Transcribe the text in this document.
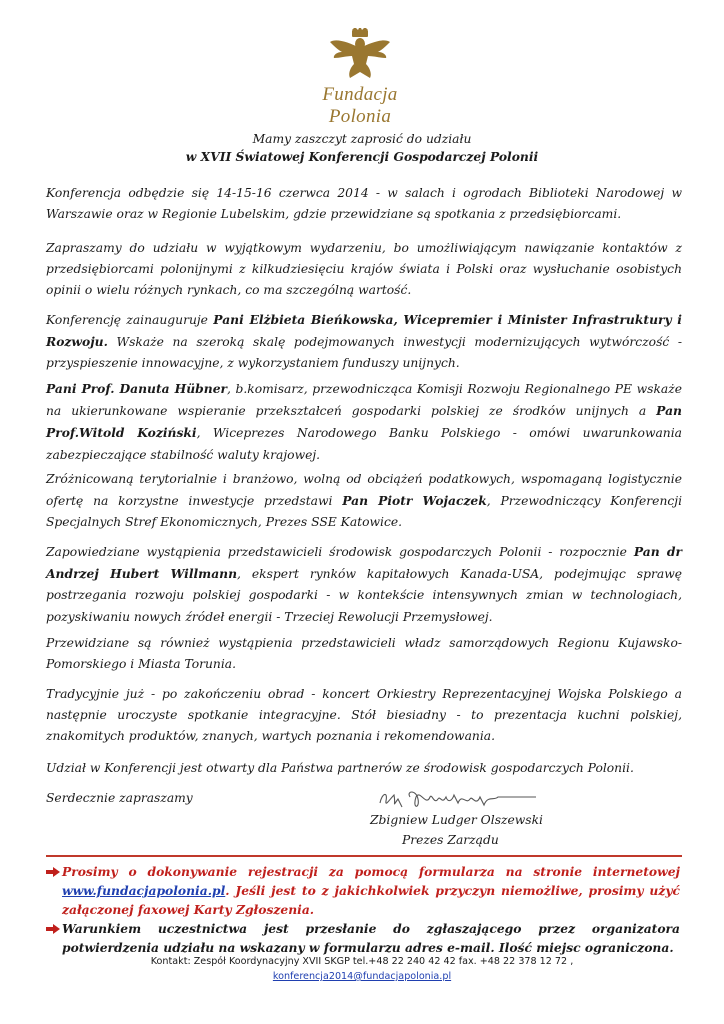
Fundacja Polonia
Mamy zaszczyt zaprosić do udziału
w XVII Światowej Konferencji Gospodarczej Polonii
Konferencja odbędzie się 14-15-16 czerwca 2014 - w salach i ogrodach Biblioteki Narodowej w Warszawie oraz w Regionie Lubelskim, gdzie przewidziane są spotkania z przedsiębiorcami.
Zapraszamy do udziału w wyjątkowym wydarzeniu, bo umożliwiającym nawiązanie kontaktów z przedsiębiorcami polonijnymi z kilkudziesięciu krajów świata i Polski oraz wysłuchanie osobistych opinii o wielu różnych rynkach, co ma szczególną wartość.
Konferencję zainauguruje Pani Elżbieta Bieńkowska, Wicepremier i Minister Infrastruktury i Rozwoju. Wskaże na szeroką skalę podejmowanych inwestycji modernizujących wytwórczość - przyspieszenie innowacyjne, z wykorzystaniem funduszy unijnych.
Pani Prof. Danuta Hübner, b.komisarz, przewodnicząca Komisji Rozwoju Regionalnego PE wskaże na ukierunkowane wspieranie przekształceń gospodarki polskiej ze środków unijnych a Pan Prof.Witold Koziński, Wiceprezes Narodowego Banku Polskiego - omówi uwarunkowania zabezpieczające stabilność waluty krajowej.
Zróżnicowaną terytorialnie i branżowo, wolną od obciążeń podatkowych, wspomaganą logistycznie ofertę na korzystne inwestycje przedstawi Pan Piotr Wojaczek, Przewodniczący Konferencji Specjalnych Stref Ekonomicznych, Prezes SSE Katowice.
Zapowiedziane wystąpienia przedstawicieli środowisk gospodarczych Polonii - rozpocznie Pan dr Andrzej Hubert Willmann, ekspert rynków kapitałowych Kanada-USA, podejmując sprawę postrzegania rozwoju polskiej gospodarki - w kontekście intensywnych zmian w technologiach, pozyskiwaniu nowych źródeł energii - Trzeciej Rewolucji Przemysłowej.
Przewidziane są również wystąpienia przedstawicieli władz samorządowych Regionu Kujawsko-Pomorskiego i Miasta Torunia.
Tradycyjnie już - po zakończeniu obrad - koncert Orkiestry Reprezentacyjnej Wojska Polskiego a następnie uroczyste spotkanie integracyjne. Stół biesiadny - to prezentacja kuchni polskiej, znakomitych produktów, znanych, wartych poznania i rekomendowania.
Udział w Konferencji jest otwarty dla Państwa partnerów ze środowisk gospodarczych Polonii.
Serdecznie zapraszamy
Zbigniew Ludger Olszewski
Prezes Zarządu
Prosimy o dokonywanie rejestracji za pomocą formularza na stronie internetowej www.fundacjapolonia.pl. Jeśli jest to z jakichkolwiek przyczyn niemożliwe, prosimy użyć załączonej faxowej Karty Zgłoszenia.
Warunkiem uczestnictwa jest przesłanie do zgłaszającego przez organizatora potwierdzenia udziału na wskazany w formularzu adres e-mail. Ilość miejsc ograniczona.
Kontakt: Zespół Koordynacyjny XVII SKGP tel.+48 22 240 42 42 fax. +48 22 378 12 72 ,
konferencja2014@fundacjapolonia.pl
